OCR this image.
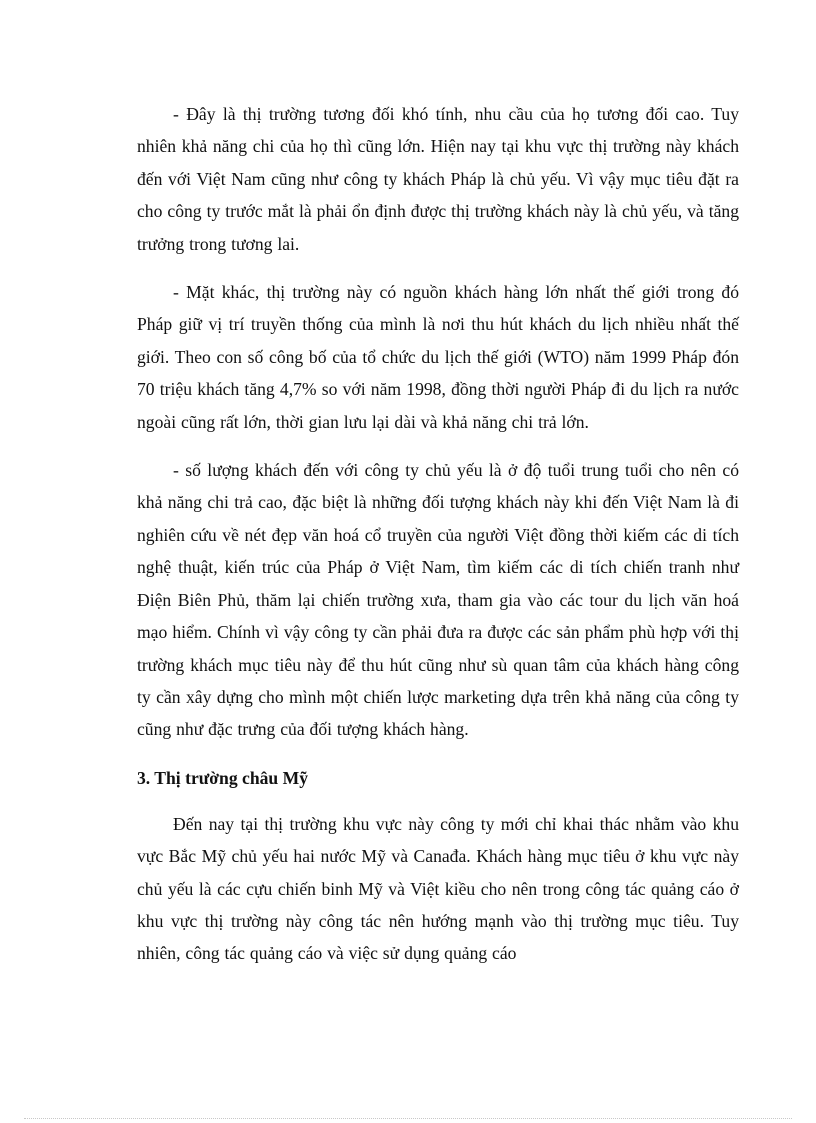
- Đây là thị trường tương đối khó tính, nhu cầu của họ tương đối cao. Tuy nhiên khả năng chi của họ thì cũng lớn. Hiện nay tại khu vực thị trường này khách đến với Việt Nam cũng như công ty khách Pháp là chủ yếu. Vì vậy mục tiêu đặt ra cho công ty trước mắt là phải ổn định được thị trường khách này là chủ yếu, và tăng trưởng trong tương lai.

- Mặt khác, thị trường này có nguồn khách hàng lớn nhất thế giới trong đó Pháp giữ vị trí truyền thống của mình là nơi thu hút khách du lịch nhiều nhất thế giới. Theo con số công bố của tổ chức du lịch thế giới (WTO) năm 1999 Pháp đón 70 triệu khách tăng 4,7% so với năm 1998, đồng thời người Pháp đi du lịch ra nước ngoài cũng rất lớn, thời gian lưu lại dài và khả năng chi trả lớn.

- số lượng khách đến với công ty chủ yếu là ở độ tuổi trung tuổi cho nên có khả năng chi trả cao, đặc biệt là những đối tượng khách này khi đến Việt Nam là đi nghiên cứu về nét đẹp văn hoá cổ truyền của người Việt đồng thời kiếm các di tích nghệ thuật, kiến trúc của Pháp ở Việt Nam, tìm kiếm các di tích chiến tranh như Điện Biên Phủ, thăm lại chiến trường xưa, tham gia vào các tour du lịch văn hoá mạo hiểm. Chính vì vậy công ty cần phải đưa ra được các sản phẩm phù hợp với thị trường khách mục tiêu này để thu hút cũng như sù quan tâm của khách hàng công ty cần xây dựng cho mình một chiến lược marketing dựa trên khả năng của công ty cũng như đặc trưng của đối tượng khách hàng.

3. Thị trường châu Mỹ

Đến nay tại thị trường khu vực này công ty mới chỉ khai thác nhằm vào khu vực Bắc Mỹ chủ yếu hai nước Mỹ và Canađa. Khách hàng mục tiêu ở khu vực này chủ yếu là các cựu chiến binh Mỹ và Việt kiều cho nên trong công tác quảng cáo ở khu vực thị trường này công tác nên hướng mạnh vào thị trường mục tiêu. Tuy nhiên, công tác quảng cáo và việc sử dụng quảng cáo
